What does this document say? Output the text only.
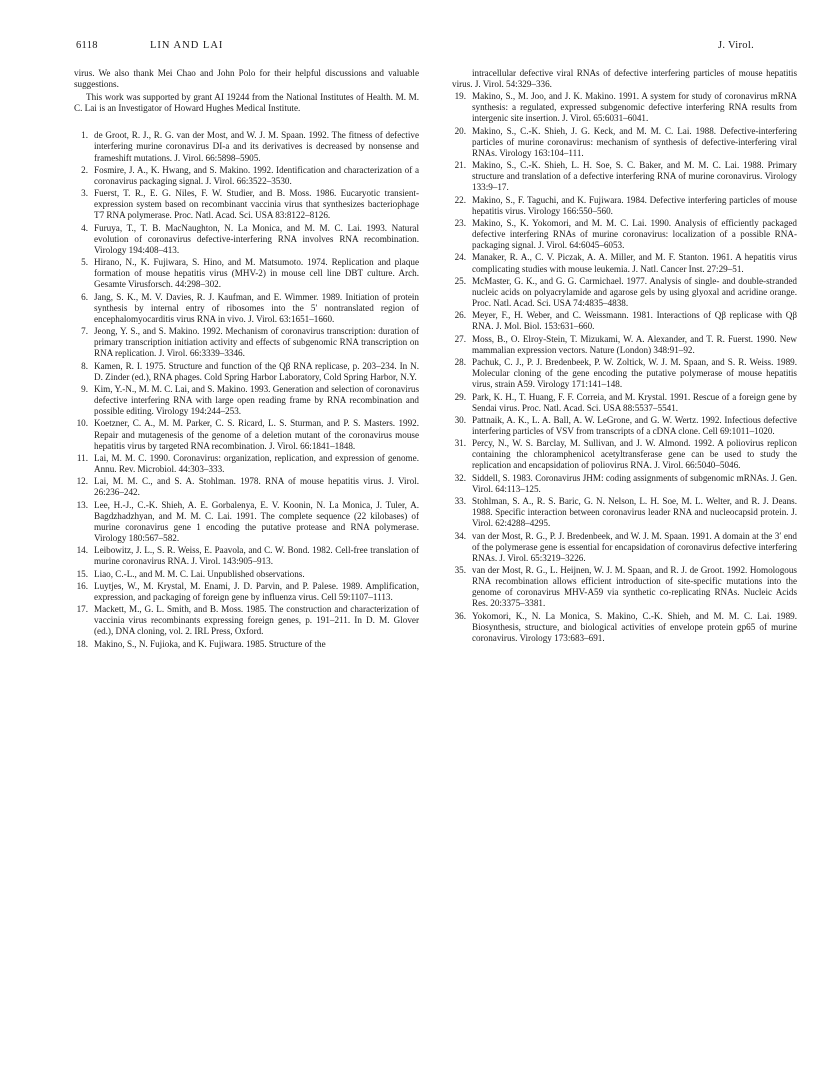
6118	LIN AND LAI	J. Virol.

virus. We also thank Mei Chao and John Polo for their helpful discussions and valuable suggestions.

This work was supported by grant AI 19244 from the National Institutes of Health. M. M. C. Lai is an Investigator of Howard Hughes Medical Institute.

1. de Groot, R. J., R. G. van der Most, and W. J. M. Spaan. 1992. The fitness of defective interfering murine coronavirus DI-a and its derivatives is decreased by nonsense and frameshift mutations. J. Virol. 66:5898–5905.
2. Fosmire, J. A., K. Hwang, and S. Makino. 1992. Identification and characterization of a coronavirus packaging signal. J. Virol. 66:3522–3530.
3. Fuerst, T. R., E. G. Niles, F. W. Studier, and B. Moss. 1986. Eucaryotic transient-expression system based on recombinant vaccinia virus that synthesizes bacteriophage T7 RNA polymerase. Proc. Natl. Acad. Sci. USA 83:8122–8126.
4. Furuya, T., T. B. MacNaughton, N. La Monica, and M. M. C. Lai. 1993. Natural evolution of coronavirus defective-interfering RNA involves RNA recombination. Virology 194:408–413.
5. Hirano, N., K. Fujiwara, S. Hino, and M. Matsumoto. 1974. Replication and plaque formation of mouse hepatitis virus (MHV-2) in mouse cell line DBT culture. Arch. Gesamte Virusforsch. 44:298–302.
6. Jang, S. K., M. V. Davies, R. J. Kaufman, and E. Wimmer. 1989. Initiation of protein synthesis by internal entry of ribosomes into the 5′ nontranslated region of encephalomyocarditis virus RNA in vivo. J. Virol. 63:1651–1660.
7. Jeong, Y. S., and S. Makino. 1992. Mechanism of coronavirus transcription: duration of primary transcription initiation activity and effects of subgenomic RNA transcription on RNA replication. J. Virol. 66:3339–3346.
8. Kamen, R. I. 1975. Structure and function of the Qβ RNA replicase, p. 203–234. In N. D. Zinder (ed.), RNA phages. Cold Spring Harbor Laboratory, Cold Spring Harbor, N.Y.
9. Kim, Y.-N., M. M. C. Lai, and S. Makino. 1993. Generation and selection of coronavirus defective interfering RNA with large open reading frame by RNA recombination and possible editing. Virology 194:244–253.
10. Koetzner, C. A., M. M. Parker, C. S. Ricard, L. S. Sturman, and P. S. Masters. 1992. Repair and mutagenesis of the genome of a deletion mutant of the coronavirus mouse hepatitis virus by targeted RNA recombination. J. Virol. 66:1841–1848.
11. Lai, M. M. C. 1990. Coronavirus: organization, replication, and expression of genome. Annu. Rev. Microbiol. 44:303–333.
12. Lai, M. M. C., and S. A. Stohlman. 1978. RNA of mouse hepatitis virus. J. Virol. 26:236–242.
13. Lee, H.-J., C.-K. Shieh, A. E. Gorbalenya, E. V. Koonin, N. La Monica, J. Tuler, A. Bagdzhadzhyan, and M. M. C. Lai. 1991. The complete sequence (22 kilobases) of murine coronavirus gene 1 encoding the putative protease and RNA polymerase. Virology 180:567–582.
14. Leibowitz, J. L., S. R. Weiss, E. Paavola, and C. W. Bond. 1982. Cell-free translation of murine coronavirus RNA. J. Virol. 143:905–913.
15. Liao, C.-L., and M. M. C. Lai. Unpublished observations.
16. Luytjes, W., M. Krystal, M. Enami, J. D. Parvin, and P. Palese. 1989. Amplification, expression, and packaging of foreign gene by influenza virus. Cell 59:1107–1113.
17. Mackett, M., G. L. Smith, and B. Moss. 1985. The construction and characterization of vaccinia virus recombinants expressing foreign genes, p. 191–211. In D. M. Glover (ed.), DNA cloning, vol. 2. IRL Press, Oxford.
18. Makino, S., N. Fujioka, and K. Fujiwara. 1985. Structure of the

intracellular defective viral RNAs of defective interfering particles of mouse hepatitis virus. J. Virol. 54:329–336.

19. Makino, S., M. Joo, and J. K. Makino. 1991. A system for study of coronavirus mRNA synthesis: a regulated, expressed subgenomic defective interfering RNA results from intergenic site insertion. J. Virol. 65:6031–6041.
20. Makino, S., C.-K. Shieh, J. G. Keck, and M. M. C. Lai. 1988. Defective-interfering particles of murine coronavirus: mechanism of synthesis of defective-interfering viral RNAs. Virology 163:104–111.
21. Makino, S., C.-K. Shieh, L. H. Soe, S. C. Baker, and M. M. C. Lai. 1988. Primary structure and translation of a defective interfering RNA of murine coronavirus. Virology 133:9–17.
22. Makino, S., F. Taguchi, and K. Fujiwara. 1984. Defective interfering particles of mouse hepatitis virus. Virology 166:550–560.
23. Makino, S., K. Yokomori, and M. M. C. Lai. 1990. Analysis of efficiently packaged defective interfering RNAs of murine coronavirus: localization of a possible RNA-packaging signal. J. Virol. 64:6045–6053.
24. Manaker, R. A., C. V. Piczak, A. A. Miller, and M. F. Stanton. 1961. A hepatitis virus complicating studies with mouse leukemia. J. Natl. Cancer Inst. 27:29–51.
25. McMaster, G. K., and G. G. Carmichael. 1977. Analysis of single- and double-stranded nucleic acids on polyacrylamide and agarose gels by using glyoxal and acridine orange. Proc. Natl. Acad. Sci. USA 74:4835–4838.
26. Meyer, F., H. Weber, and C. Weissmann. 1981. Interactions of Qβ replicase with Qβ RNA. J. Mol. Biol. 153:631–660.
27. Moss, B., O. Elroy-Stein, T. Mizukami, W. A. Alexander, and T. R. Fuerst. 1990. New mammalian expression vectors. Nature (London) 348:91–92.
28. Pachuk, C. J., P. J. Bredenbeek, P. W. Zoltick, W. J. M. Spaan, and S. R. Weiss. 1989. Molecular cloning of the gene encoding the putative polymerase of mouse hepatitis virus, strain A59. Virology 171:141–148.
29. Park, K. H., T. Huang, F. F. Correia, and M. Krystal. 1991. Rescue of a foreign gene by Sendai virus. Proc. Natl. Acad. Sci. USA 88:5537–5541.
30. Pattnaik, A. K., L. A. Ball, A. W. LeGrone, and G. W. Wertz. 1992. Infectious defective interfering particles of VSV from transcripts of a cDNA clone. Cell 69:1011–1020.
31. Percy, N., W. S. Barclay, M. Sullivan, and J. W. Almond. 1992. A poliovirus replicon containing the chloramphenicol acetyltransferase gene can be used to study the replication and encapsidation of poliovirus RNA. J. Virol. 66:5040–5046.
32. Siddell, S. 1983. Coronavirus JHM: coding assignments of subgenomic mRNAs. J. Gen. Virol. 64:113–125.
33. Stohlman, S. A., R. S. Baric, G. N. Nelson, L. H. Soe, M. L. Welter, and R. J. Deans. 1988. Specific interaction between coronavirus leader RNA and nucleocapsid protein. J. Virol. 62:4288–4295.
34. van der Most, R. G., P. J. Bredenbeek, and W. J. M. Spaan. 1991. A domain at the 3′ end of the polymerase gene is essential for encapsidation of coronavirus defective interfering RNAs. J. Virol. 65:3219–3226.
35. van der Most, R. G., L. Heijnen, W. J. M. Spaan, and R. J. de Groot. 1992. Homologous RNA recombination allows efficient introduction of site-specific mutations into the genome of coronavirus MHV-A59 via synthetic co-replicating RNAs. Nucleic Acids Res. 20:3375–3381.
36. Yokomori, K., N. La Monica, S. Makino, C.-K. Shieh, and M. M. C. Lai. 1989. Biosynthesis, structure, and biological activities of envelope protein gp65 of murine coronavirus. Virology 173:683–691.
